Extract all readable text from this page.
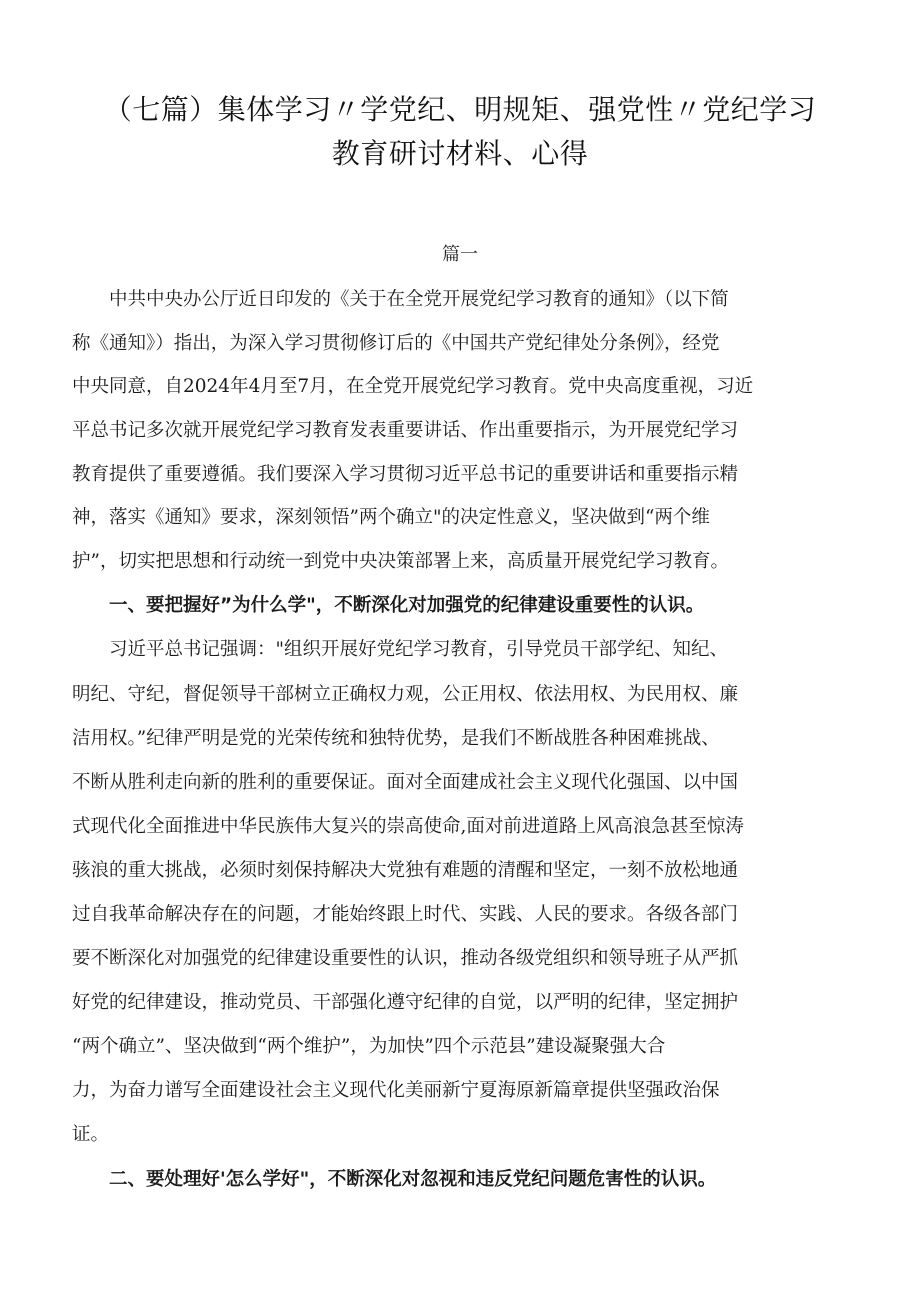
（七篇）集体学习〃学党纪、明规矩、强党性〃党纪学习
教育研讨材料、心得
篇一
　　中共中央办公厅近日印发的《关于在全党开展党纪学习教育的通知》（以下简
称《通知》）指出，为深入学习贯彻修订后的《中国共产党纪律处分条例》，经党
中央同意，自2024年4月至7月，在全党开展党纪学习教育。党中央高度重视，习近
平总书记多次就开展党纪学习教育发表重要讲话、作出重要指示，为开展党纪学习
教育提供了重要遵循。我们要深入学习贯彻习近平总书记的重要讲话和重要指示精
神，落实《通知》要求，深刻领悟”两个确立"的决定性意义，坚决做到“两个维
护”，切实把思想和行动统一到党中央决策部署上来，高质量开展党纪学习教育。
　　一、要把握好”为什么学"，不断深化对加强党的纪律建设重要性的认识。
　　习近平总书记强调："组织开展好党纪学习教育，引导党员干部学纪、知纪、
明纪、守纪，督促领导干部树立正确权力观，公正用权、依法用权、为民用权、廉
洁用权。”纪律严明是党的光荣传统和独特优势，是我们不断战胜各种困难挑战、
不断从胜利走向新的胜利的重要保证。面对全面建成社会主义现代化强国、以中国
式现代化全面推进中华民族伟大复兴的崇高使命,面对前进道路上风高浪急甚至惊涛
骇浪的重大挑战，必须时刻保持解决大党独有难题的清醒和坚定，一刻不放松地通
过自我革命解决存在的问题，才能始终跟上时代、实践、人民的要求。各级各部门
要不断深化对加强党的纪律建设重要性的认识，推动各级党组织和领导班子从严抓
好党的纪律建设，推动党员、干部强化遵守纪律的自觉，以严明的纪律，坚定拥护
“两个确立”、坚决做到“两个维护”，为加快”四个示范县”建设凝聚强大合
力，为奋力谱写全面建设社会主义现代化美丽新宁夏海原新篇章提供坚强政治保
证。
　　二、要处理好'怎么学好"，不断深化对忽视和违反党纪问题危害性的认识。
